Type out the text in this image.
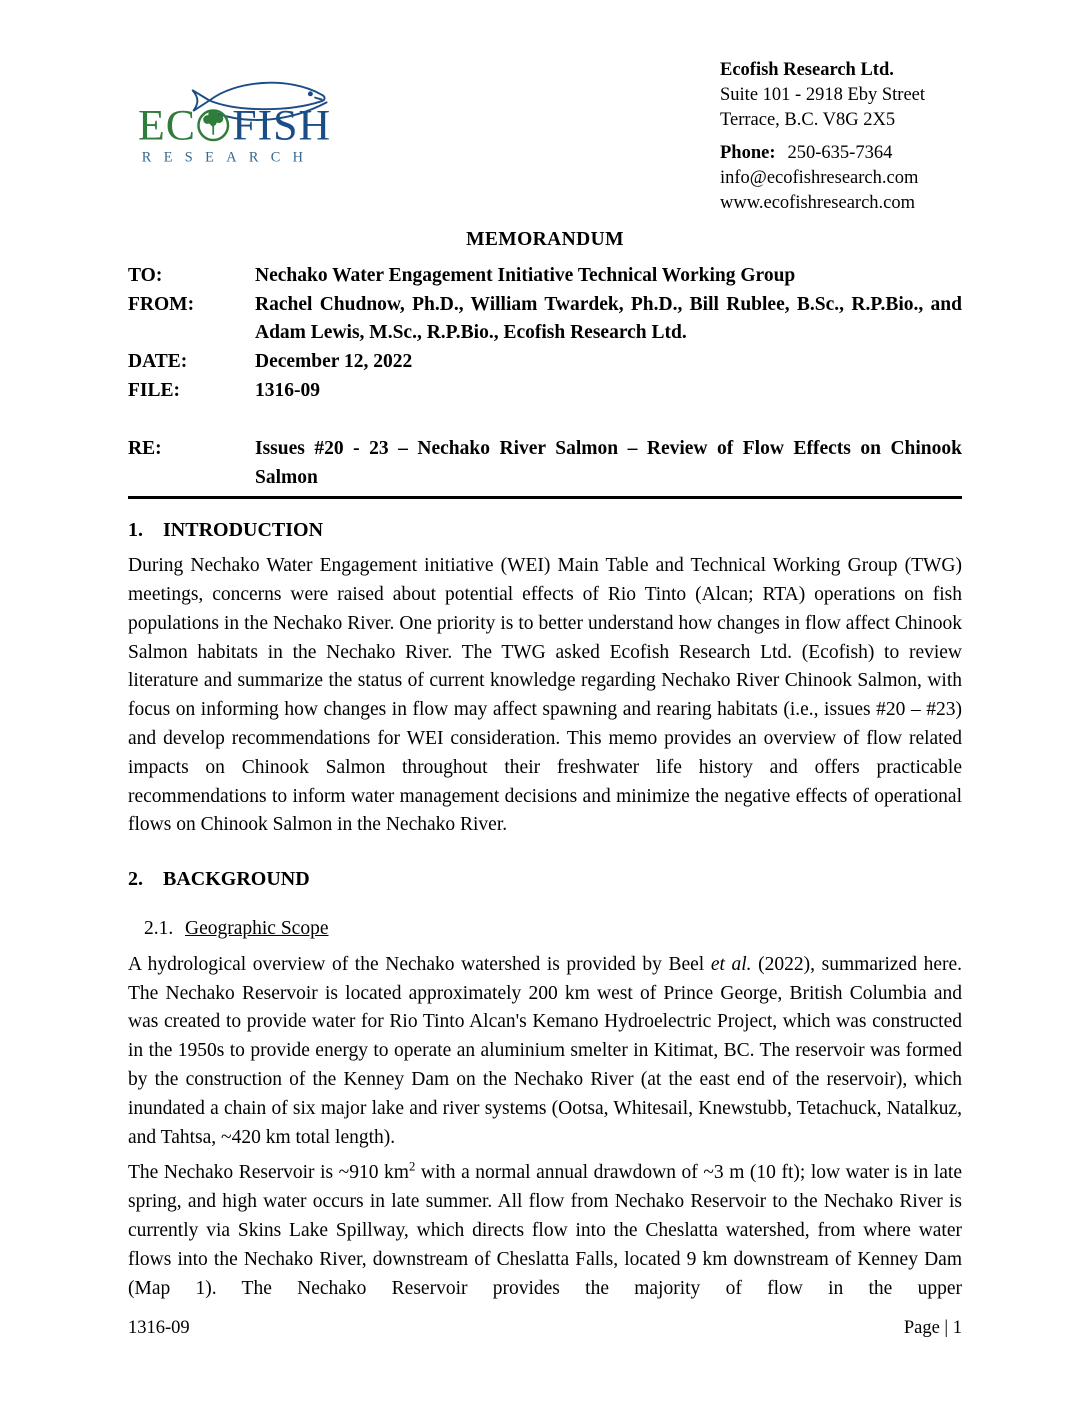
EC FISH
RESEARCH
Ecofish Research Ltd.
Suite 101 - 2918 Eby Street
Terrace, B.C. V8G 2X5
Phone: 250-635-7364
info@ecofishresearch.com
www.ecofishresearch.com
MEMORANDUM
TO:	Nechako Water Engagement Initiative Technical Working Group
FROM:	Rachel Chudnow, Ph.D., William Twardek, Ph.D., Bill Rublee, B.Sc., R.P.Bio., and Adam Lewis, M.Sc., R.P.Bio., Ecofish Research Ltd.
DATE:	December 12, 2022
FILE:	1316-09
RE:	Issues #20 - 23 – Nechako River Salmon – Review of Flow Effects on Chinook Salmon
1.	INTRODUCTION

During Nechako Water Engagement initiative (WEI) Main Table and Technical Working Group (TWG) meetings, concerns were raised about potential effects of Rio Tinto (Alcan; RTA) operations on fish populations in the Nechako River. One priority is to better understand how changes in flow affect Chinook Salmon habitats in the Nechako River. The TWG asked Ecofish Research Ltd. (Ecofish) to review literature and summarize the status of current knowledge regarding Nechako River Chinook Salmon, with focus on informing how changes in flow may affect spawning and rearing habitats (i.e., issues #20 – #23) and develop recommendations for WEI consideration. This memo provides an overview of flow related impacts on Chinook Salmon throughout their freshwater life history and offers practicable recommendations to inform water management decisions and minimize the negative effects of operational flows on Chinook Salmon in the Nechako River.

2.	BACKGROUND
2.1. Geographic Scope

A hydrological overview of the Nechako watershed is provided by Beel et al. (2022), summarized here. The Nechako Reservoir is located approximately 200 km west of Prince George, British Columbia and was created to provide water for Rio Tinto Alcan's Kemano Hydroelectric Project, which was constructed in the 1950s to provide energy to operate an aluminium smelter in Kitimat, BC. The reservoir was formed by the construction of the Kenney Dam on the Nechako River (at the east end of the reservoir), which inundated a chain of six major lake and river systems (Ootsa, Whitesail, Knewstubb, Tetachuck, Natalkuz, and Tahtsa, ~420 km total length).

The Nechako Reservoir is ~910 $km^2$ with a normal annual drawdown of ~3 m (10 ft); low water is in late spring, and high water occurs in late summer. All flow from Nechako Reservoir to the Nechako River is currently via Skins Lake Spillway, which directs flow into the Cheslatta watershed, from where water flows into the Nechako River, downstream of Cheslatta Falls, located 9 km downstream of Kenney Dam (Map 1). The Nechako Reservoir provides the majority of flow in the upper

1316-09	Page | 1
